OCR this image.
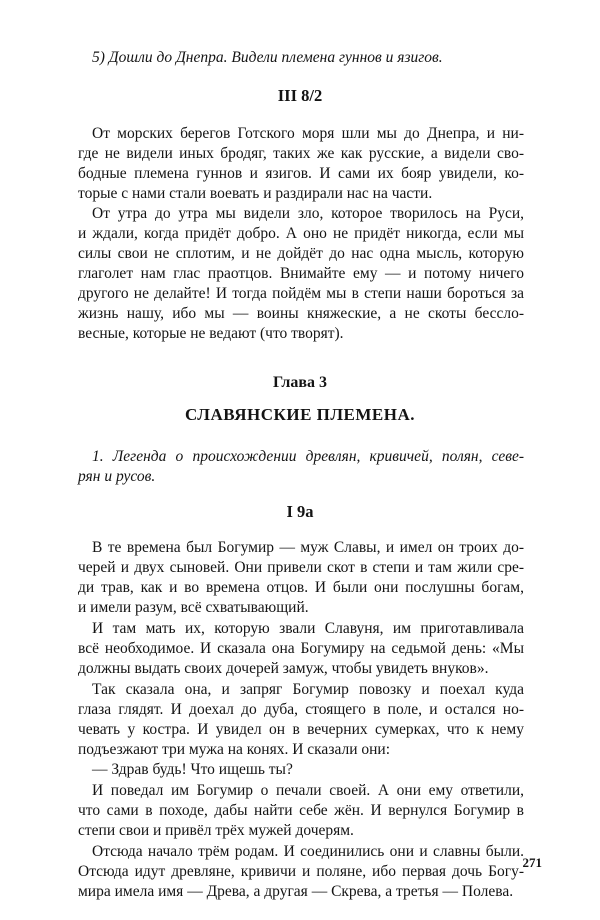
5) Дошли до Днепра. Видели племена гуннов и язигов.
III 8/2
От морских берегов Готского моря шли мы до Днепра, и ни-
где не видели иных бродяг, таких же как русские, а видели сво-
бодные племена гуннов и язигов. И сами их бояр увидели, ко-
торые с нами стали воевать и раздирали нас на части.
От утра до утра мы видели зло, которое творилось на Руси,
и ждали, когда придёт добро. А оно не придёт никогда, если мы
силы свои не сплотим, и не дойдёт до нас одна мысль, которую
глаголет нам глас праотцов. Внимайте ему — и потому ничего
другого не делайте! И тогда пойдём мы в степи наши бороться за
жизнь нашу, ибо мы — воины княжеские, а не скоты бессло-
весные, которые не ведают (что творят).
Глава 3
СЛАВЯНСКИЕ ПЛЕМЕНА.
1. Легенда о происхождении древлян, кривичей, полян, севе-
рян и русов.
I 9a
В те времена был Богумир — муж Славы, и имел он троих до-
черей и двух сыновей. Они привели скот в степи и там жили сре-
ди трав, как и во времена отцов. И были они послушны богам,
и имели разум, всё схватывающий.
И там мать их, которую звали Славуня, им приготавливала
всё необходимое. И сказала она Богумиру на седьмой день: «Мы
должны выдать своих дочерей замуж, чтобы увидеть внуков».
Так сказала она, и запряг Богумир повозку и поехал куда
глаза глядят. И доехал до дуба, стоящего в поле, и остался но-
чевать у костра. И увидел он в вечерних сумерках, что к нему
подъезжают три мужа на конях. И сказали они:
— Здрав будь! Что ищешь ты?
И поведал им Богумир о печали своей. А они ему ответили,
что сами в походе, дабы найти себе жён. И вернулся Богумир в
степи свои и привёл трёх мужей дочерям.
Отсюда начало трём родам. И соединились они и славны были.
Отсюда идут древляне, кривичи и поляне, ибо первая дочь Богу-
мира имела имя — Древа, а другая — Скрева, а третья — Полева.
271
